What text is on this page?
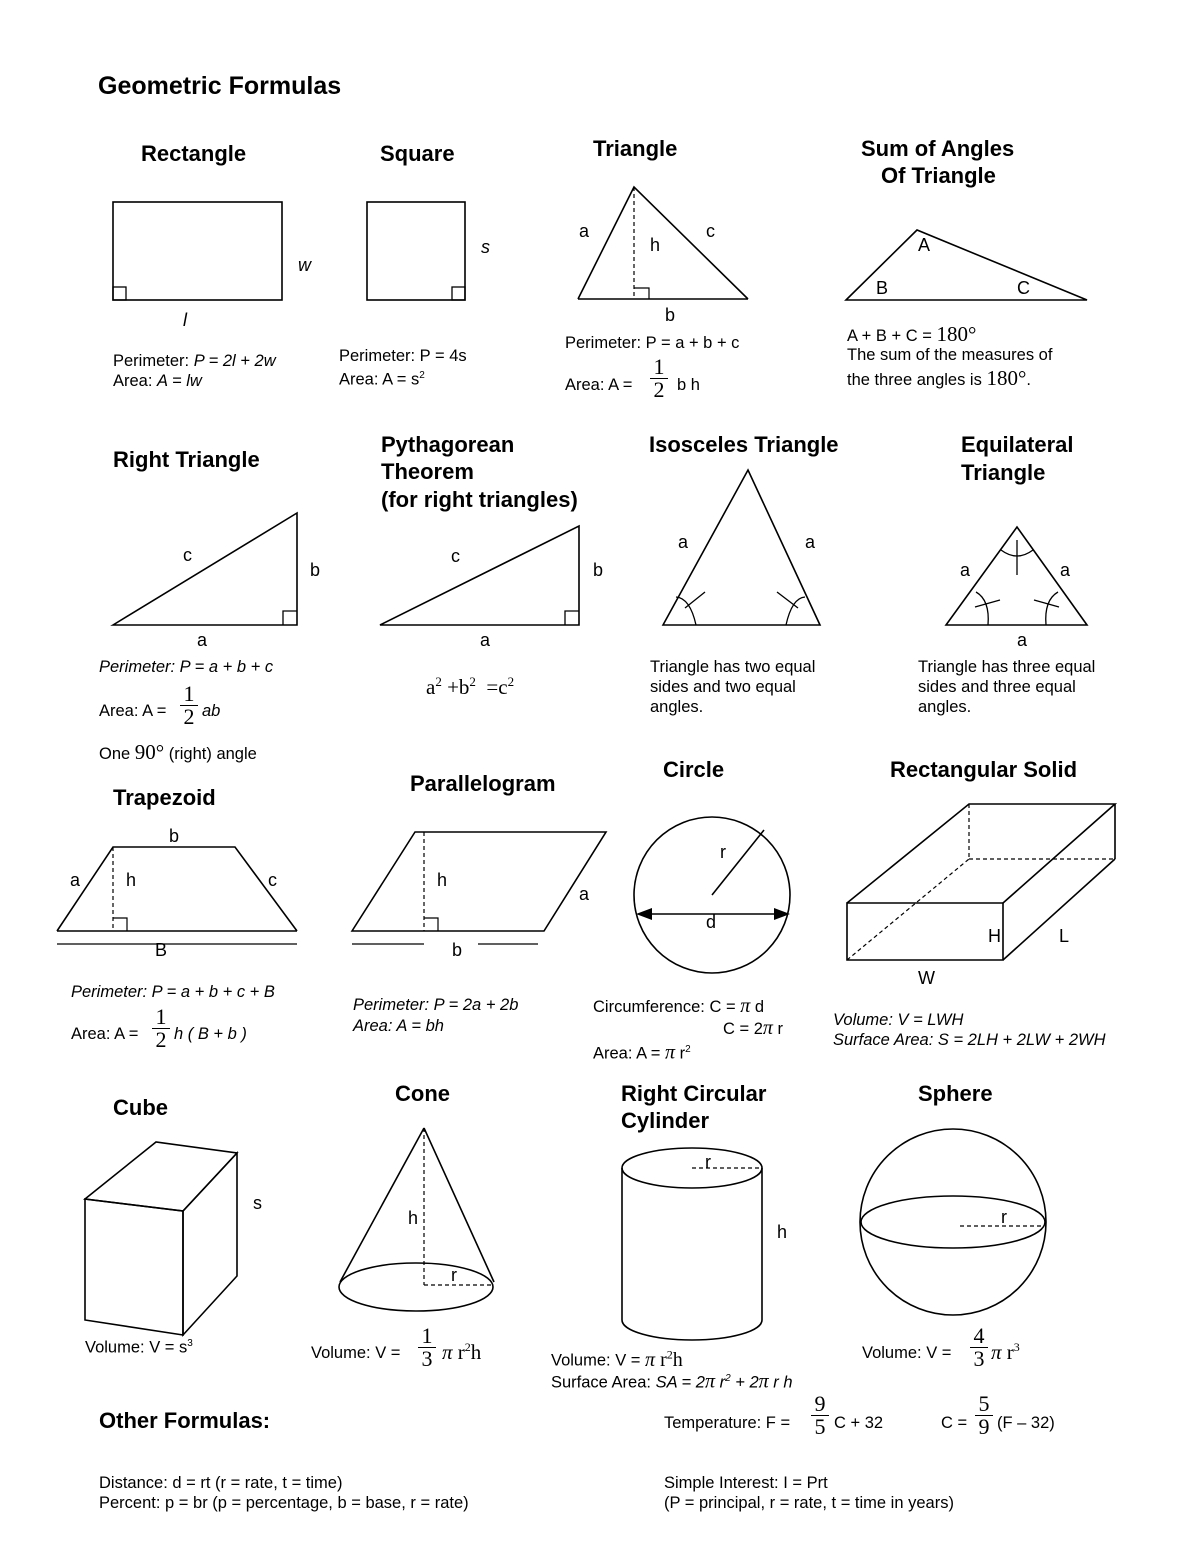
Geometric Formulas
Rectangle
l
w
Perimeter: P = 2l + 2w
Area: A = lw
Square
s
Perimeter: P = 4s
Area: $A = s^2$
Triangle
a	c
h
b
Perimeter: P = a + b + c
Area: $A = \frac{1}{2}$ b h
Sum of Angles
Of Triangle
A
B	C
A + B + C = 180°
The sum of the measures of
the three angles is 180°.
Right Triangle
c
b
a
Perimeter: P = a + b + c
Area: $A = \frac{1}{2}$ ab
One 90° (right) angle
Pythagorean
Theorem
(for right triangles)
c
b
a
$a^2 +b^2 =c^2$
Isosceles Triangle
a	a
Triangle has two equal
sides and two equal
angles.
Equilateral
Triangle
a	a
a
Triangle has three equal
sides and three equal
angles.
Trapezoid
b
a	h	c
B
Perimeter: P = a + b + c + B
Area: $A = \frac{1}{2}$ h ( B + b )
Parallelogram
h
a
b
Perimeter: P = 2a + 2b
Area: A = bh
Circle
r
d
Circumference: C = π d
C = 2π r
Area: A = π $r^2$
Rectangular Solid
H	L
W
Volume: V = LWH
Surface Area: S = 2LH + 2LW + 2WH
Cube
s
Volume: $V = s^3$
Cone
h
r
Volume: $V = \frac{1}{3}$ π $r^2h$
Right Circular
Cylinder
r
h
Volume: V = π $r^2h$
Surface Area: SA = 2π $r^2 + 2\pi$ r h
Sphere
r
Volume: $V = \frac{4}{3}$ π $r^3$
Other Formulas:	Temperature: $F = \frac{9}{5}$ C + 32	$C = \frac{5}{9} (F - 32)$
Distance: d = rt (r = rate, t = time)
Percent: p = br (p = percentage, b = base, r = rate)
Simple Interest: I = Prt
(P = principal, r = rate, t = time in years)
